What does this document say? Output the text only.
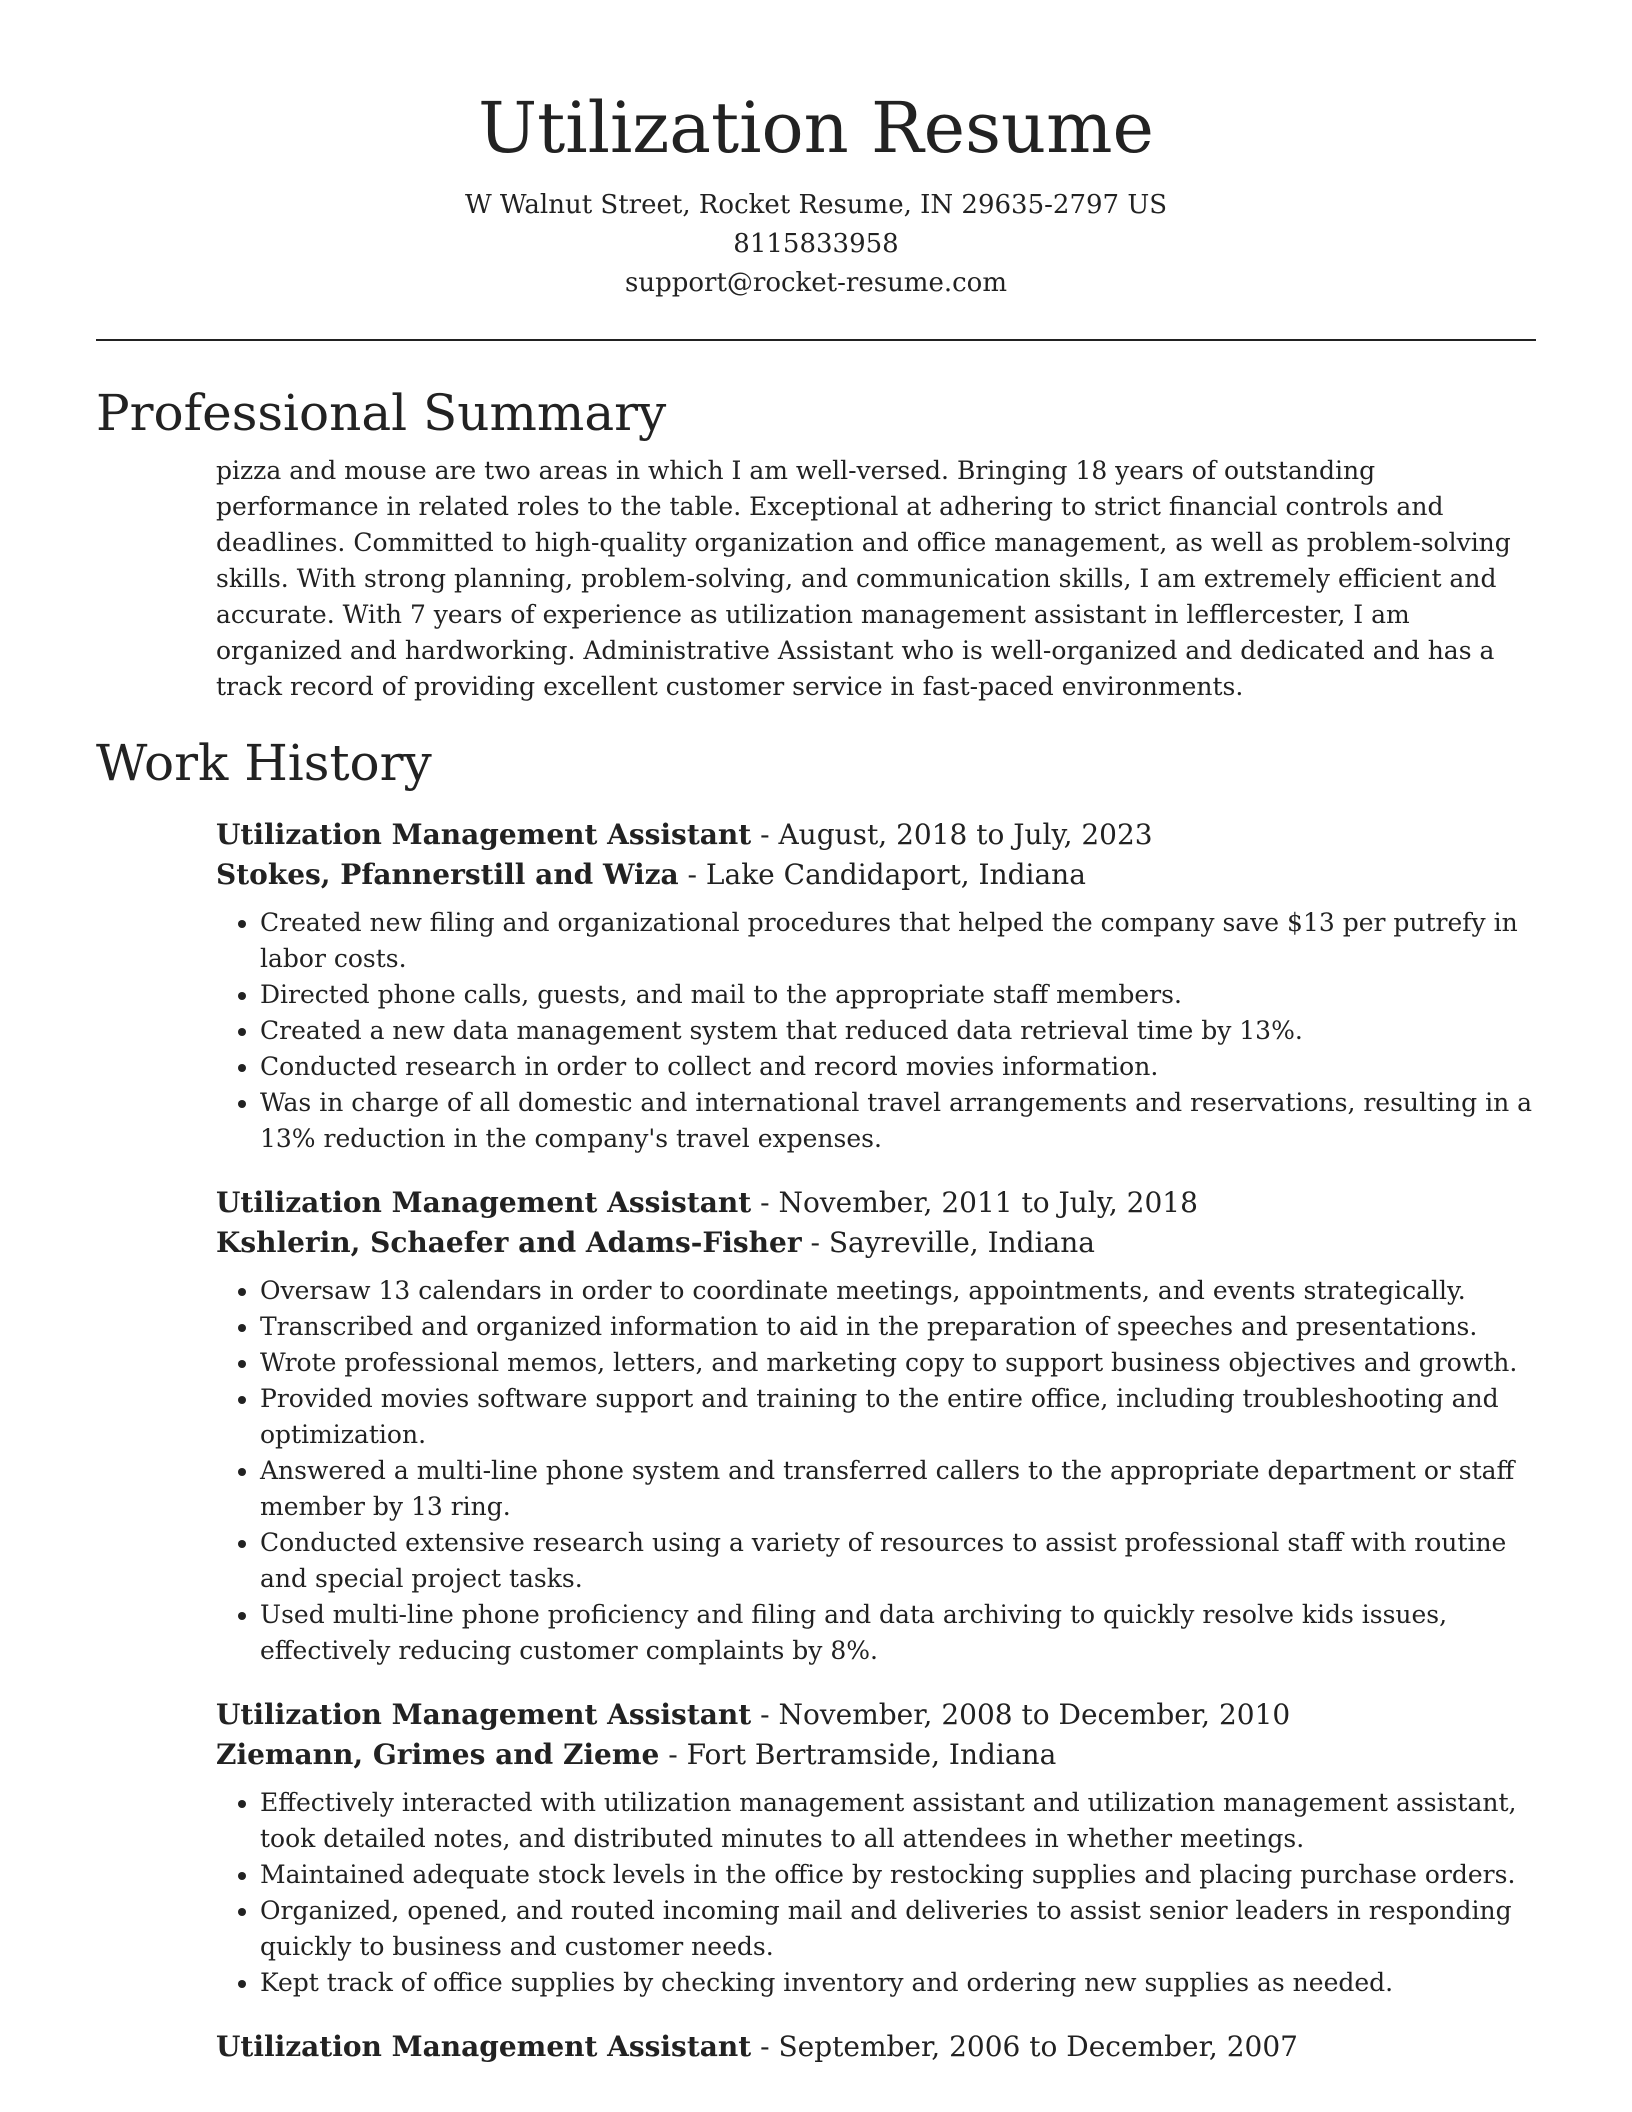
Utilization Resume
W Walnut Street, Rocket Resume, IN 29635-2797 US
8115833958
support@rocket-resume.com
Professional Summary

pizza and mouse are two areas in which I am well-versed. Bringing 18 years of outstanding performance in related roles to the table. Exceptional at adhering to strict financial controls and deadlines. Committed to high-quality organization and office management, as well as problem-solving skills. With strong planning, problem-solving, and communication skills, I am extremely efficient and accurate. With 7 years of experience as utilization management assistant in lefflercester, I am organized and hardworking. Administrative Assistant who is well-organized and dedicated and has a track record of providing excellent customer service in fast-paced environments.

Work History
Utilization Management Assistant - August, 2018 to July, 2023
Stokes, Pfannerstill and Wiza - Lake Candidaport, Indiana
• Created new filing and organizational procedures that helped the company save $13 per putrefy in labor costs.
• Directed phone calls, guests, and mail to the appropriate staff members.
• Created a new data management system that reduced data retrieval time by 13%.
• Conducted research in order to collect and record movies information.
• Was in charge of all domestic and international travel arrangements and reservations, resulting in a 13% reduction in the company's travel expenses.
Utilization Management Assistant - November, 2011 to July, 2018
Kshlerin, Schaefer and Adams-Fisher - Sayreville, Indiana
• Oversaw 13 calendars in order to coordinate meetings, appointments, and events strategically.
• Transcribed and organized information to aid in the preparation of speeches and presentations.
• Wrote professional memos, letters, and marketing copy to support business objectives and growth.
• Provided movies software support and training to the entire office, including troubleshooting and optimization.
• Answered a multi-line phone system and transferred callers to the appropriate department or staff member by 13 ring.
• Conducted extensive research using a variety of resources to assist professional staff with routine and special project tasks.
• Used multi-line phone proficiency and filing and data archiving to quickly resolve kids issues, effectively reducing customer complaints by 8%.
Utilization Management Assistant - November, 2008 to December, 2010
Ziemann, Grimes and Zieme - Fort Bertramside, Indiana
• Effectively interacted with utilization management assistant and utilization management assistant, took detailed notes, and distributed minutes to all attendees in whether meetings.
• Maintained adequate stock levels in the office by restocking supplies and placing purchase orders.
• Organized, opened, and routed incoming mail and deliveries to assist senior leaders in responding quickly to business and customer needs.
• Kept track of office supplies by checking inventory and ordering new supplies as needed.
Utilization Management Assistant - September, 2006 to December, 2007
